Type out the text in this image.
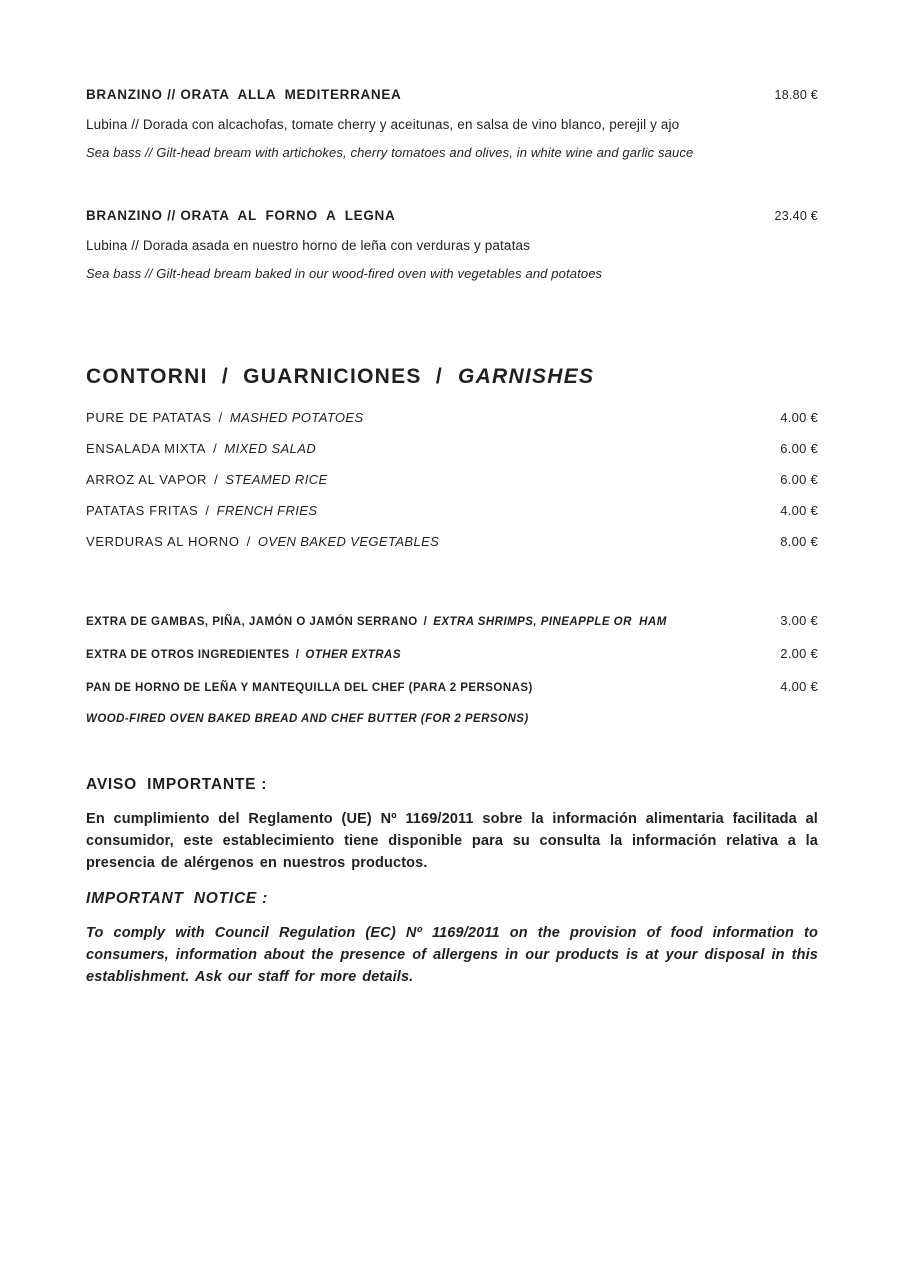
BRANZINO // ORATA  ALLA  MEDITERRANEA	18.80 €

Lubina // Dorada con alcachofas, tomate cherry y aceitunas, en salsa de vino blanco, perejil y ajo

Sea bass // Gilt-head bream with artichokes, cherry tomatoes and olives, in white wine and garlic sauce

BRANZINO // ORATA  AL  FORNO  A  LEGNA	23.40 €

Lubina // Dorada asada en nuestro horno de leña con verduras y patatas

Sea bass // Gilt-head bream baked in our wood-fired oven with vegetables and potatoes

CONTORNI  /  GUARNICIONES  / GARNISHES
PURE DE PATATAS / MASHED POTATOES	4.00 €
ENSALADA MIXTA / MIXED SALAD	6.00 €
ARROZ AL VAPOR / STEAMED RICE	6.00 €
PATATAS FRITAS / FRENCH FRIES	4.00 €
VERDURAS AL HORNO / OVEN BAKED VEGETABLES	8.00 €
EXTRA DE GAMBAS, PIÑA, JAMÓN O JAMÓN SERRANO / EXTRA SHRIMPS, PINEAPPLE OR  HAM	3.00 €
EXTRA DE OTROS INGREDIENTES / OTHER EXTRAS	2.00 €
PAN DE HORNO DE LEÑA Y MANTEQUILLA DEL CHEF (PARA 2 PERSONAS)	4.00 €

WOOD-FIRED OVEN BAKED BREAD AND CHEF BUTTER (FOR 2 PERSONS)

AVISO  IMPORTANTE :

En cumplimiento del Reglamento (UE) Nº 1169/2011 sobre la información alimentaria facilitada al consumidor, este establecimiento tiene disponible para su consulta la información relativa a la presencia de alérgenos en nuestros productos.

IMPORTANT  NOTICE :

To comply with Council Regulation (EC) Nº 1169/2011 on the provision of food information to consumers, information about the presence of allergens in our products is at your disposal in this establishment. Ask our staff for more details.
